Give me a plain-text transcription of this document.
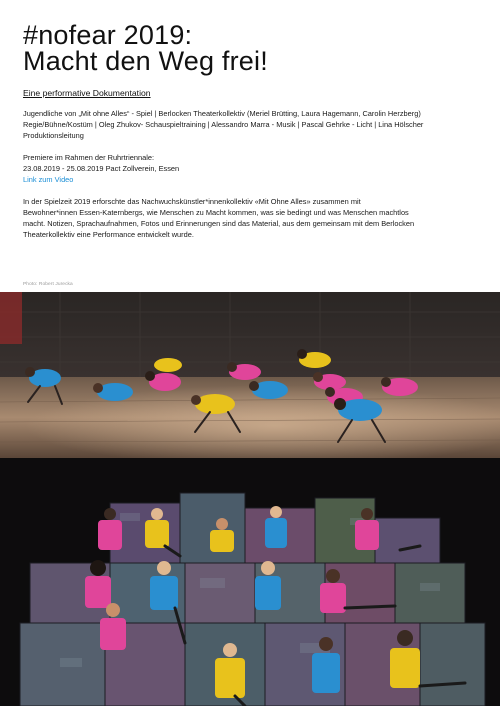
#nofear 2019:
Macht den Weg frei!
Eine performative Dokumentation

Jugendliche von „Mit ohne Alles“ - Spiel | Berlocken Theaterkollektiv (Meriel Brütting, Laura Hagemann, Carolin Herzberg)
Regie/Bühne/Kostüm | Oleg Zhukov- Schauspieltraining | Alessandro Marra - Musik | Pascal Gehrke - Licht | Lina Hölscher
Produktionsleitung

Premiere im Rahmen der Ruhrtriennale:
23.08.2019 - 25.08.2019 Pact Zollverein, Essen
Link zum Video

In der Spielzeit 2019 erforschte das Nachwuchskünstler*innenkollektiv «Mit Ohne Alles» zusammen mit
Bewohner*innen Essen-Katernbergs, wie Menschen zu Macht kommen, was sie bedingt und was Menschen machtlos
macht. Notizen, Sprachaufnahmen, Fotos und Erinnerungen sind das Material, aus dem gemeinsam mit dem Berlocken
Theaterkollektiv eine Performance entwickelt wurde.

Photo: Robert Jurecka
